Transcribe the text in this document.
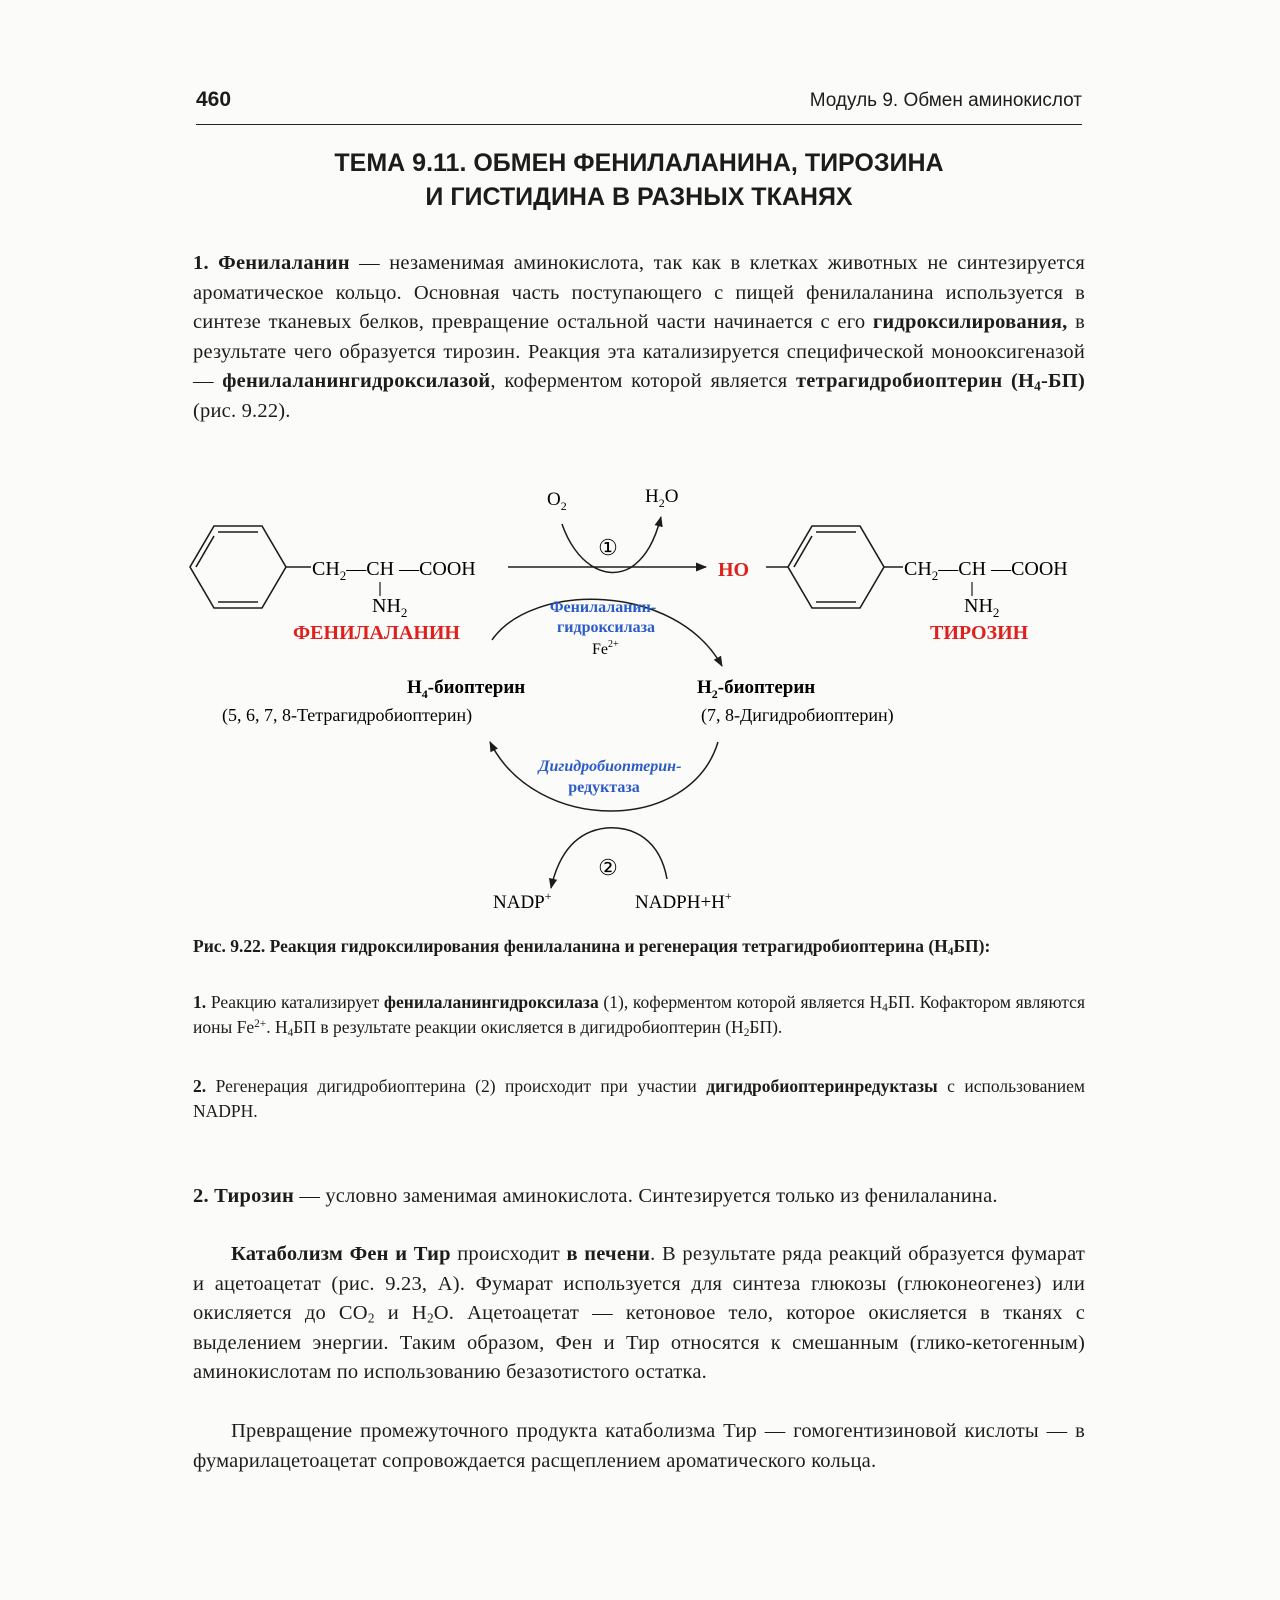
460	Модуль 9. Обмен аминокислот
ТЕМА 9.11. ОБМЕН ФЕНИЛАЛАНИНА, ТИРОЗИНА
И ГИСТИДИНА В РАЗНЫХ ТКАНЯХ
1. Фенилаланин — незаменимая аминокислота, так как в клетках животных не синтезируется ароматическое кольцо. Основная часть поступающего с пищей фенилаланина используется в синтезе тканевых белков, превращение остальной части начинается с его гидроксилирования, в результате чего образуется тирозин. Реакция эта катализируется специфической монооксигеназой — фенилаланингидроксилазой, коферментом которой является тетрагидробиоптерин $(Н_4-БП)$ (рис. 9.22).
$CH_2—CH$ —COOH
$NH_2$
ФЕНИЛАЛАНИН
$O_2$	$H_2O$
①
HO	$CH_2—CH$ —COOH
$NH_2$
ТИРОЗИН
Фенилаланин-
гидроксилаза
$Fe^{2+}$
$Н_4$-биоптерин
(5, 6, 7, 8-Тетрагидробиоптерин)
$Н_2$-биоптерин
(7, 8-Дигидробиоптерин)
Дигидробиоптерин-
редуктаза
②
NADP+	NADPH+H+
Рис. 9.22. Реакция гидроксилирования фенилаланина и регенерация тетрагидробиоптерина $(Н_4БП)$:
1. Реакцию катализирует фенилаланингидроксилаза (1), коферментом которой является $Н_4БП$. Кофактором являются ионы $Fe^{2+}$. $Н_4БП$ в результате реакции окисляется в дигидробиоптерин $(Н_2БП)$.
2. Регенерация дигидробиоптерина (2) происходит при участии дигидробиоптеринредуктазы с использованием NADPH.
2. Тирозин — условно заменимая аминокислота. Синтезируется только из фенилаланина.
Катаболизм Фен и Тир происходит в печени. В результате ряда реакций образуется фумарат и ацетоацетат (рис. 9.23, А). Фумарат используется для синтеза глюкозы (глюконеогенез) или окисляется до $СО_2$ и $Н_2О$. Ацетоацетат — кетоновое тело, которое окисляется в тканях с выделением энергии. Таким образом, Фен и Тир относятся к смешанным (глико-кетогенным) аминокислотам по использованию безазотистого остатка.
Превращение промежуточного продукта катаболизма Тир — гомогентизиновой кислоты — в фумарилацетоацетат сопровождается расщеплением ароматического кольца.
